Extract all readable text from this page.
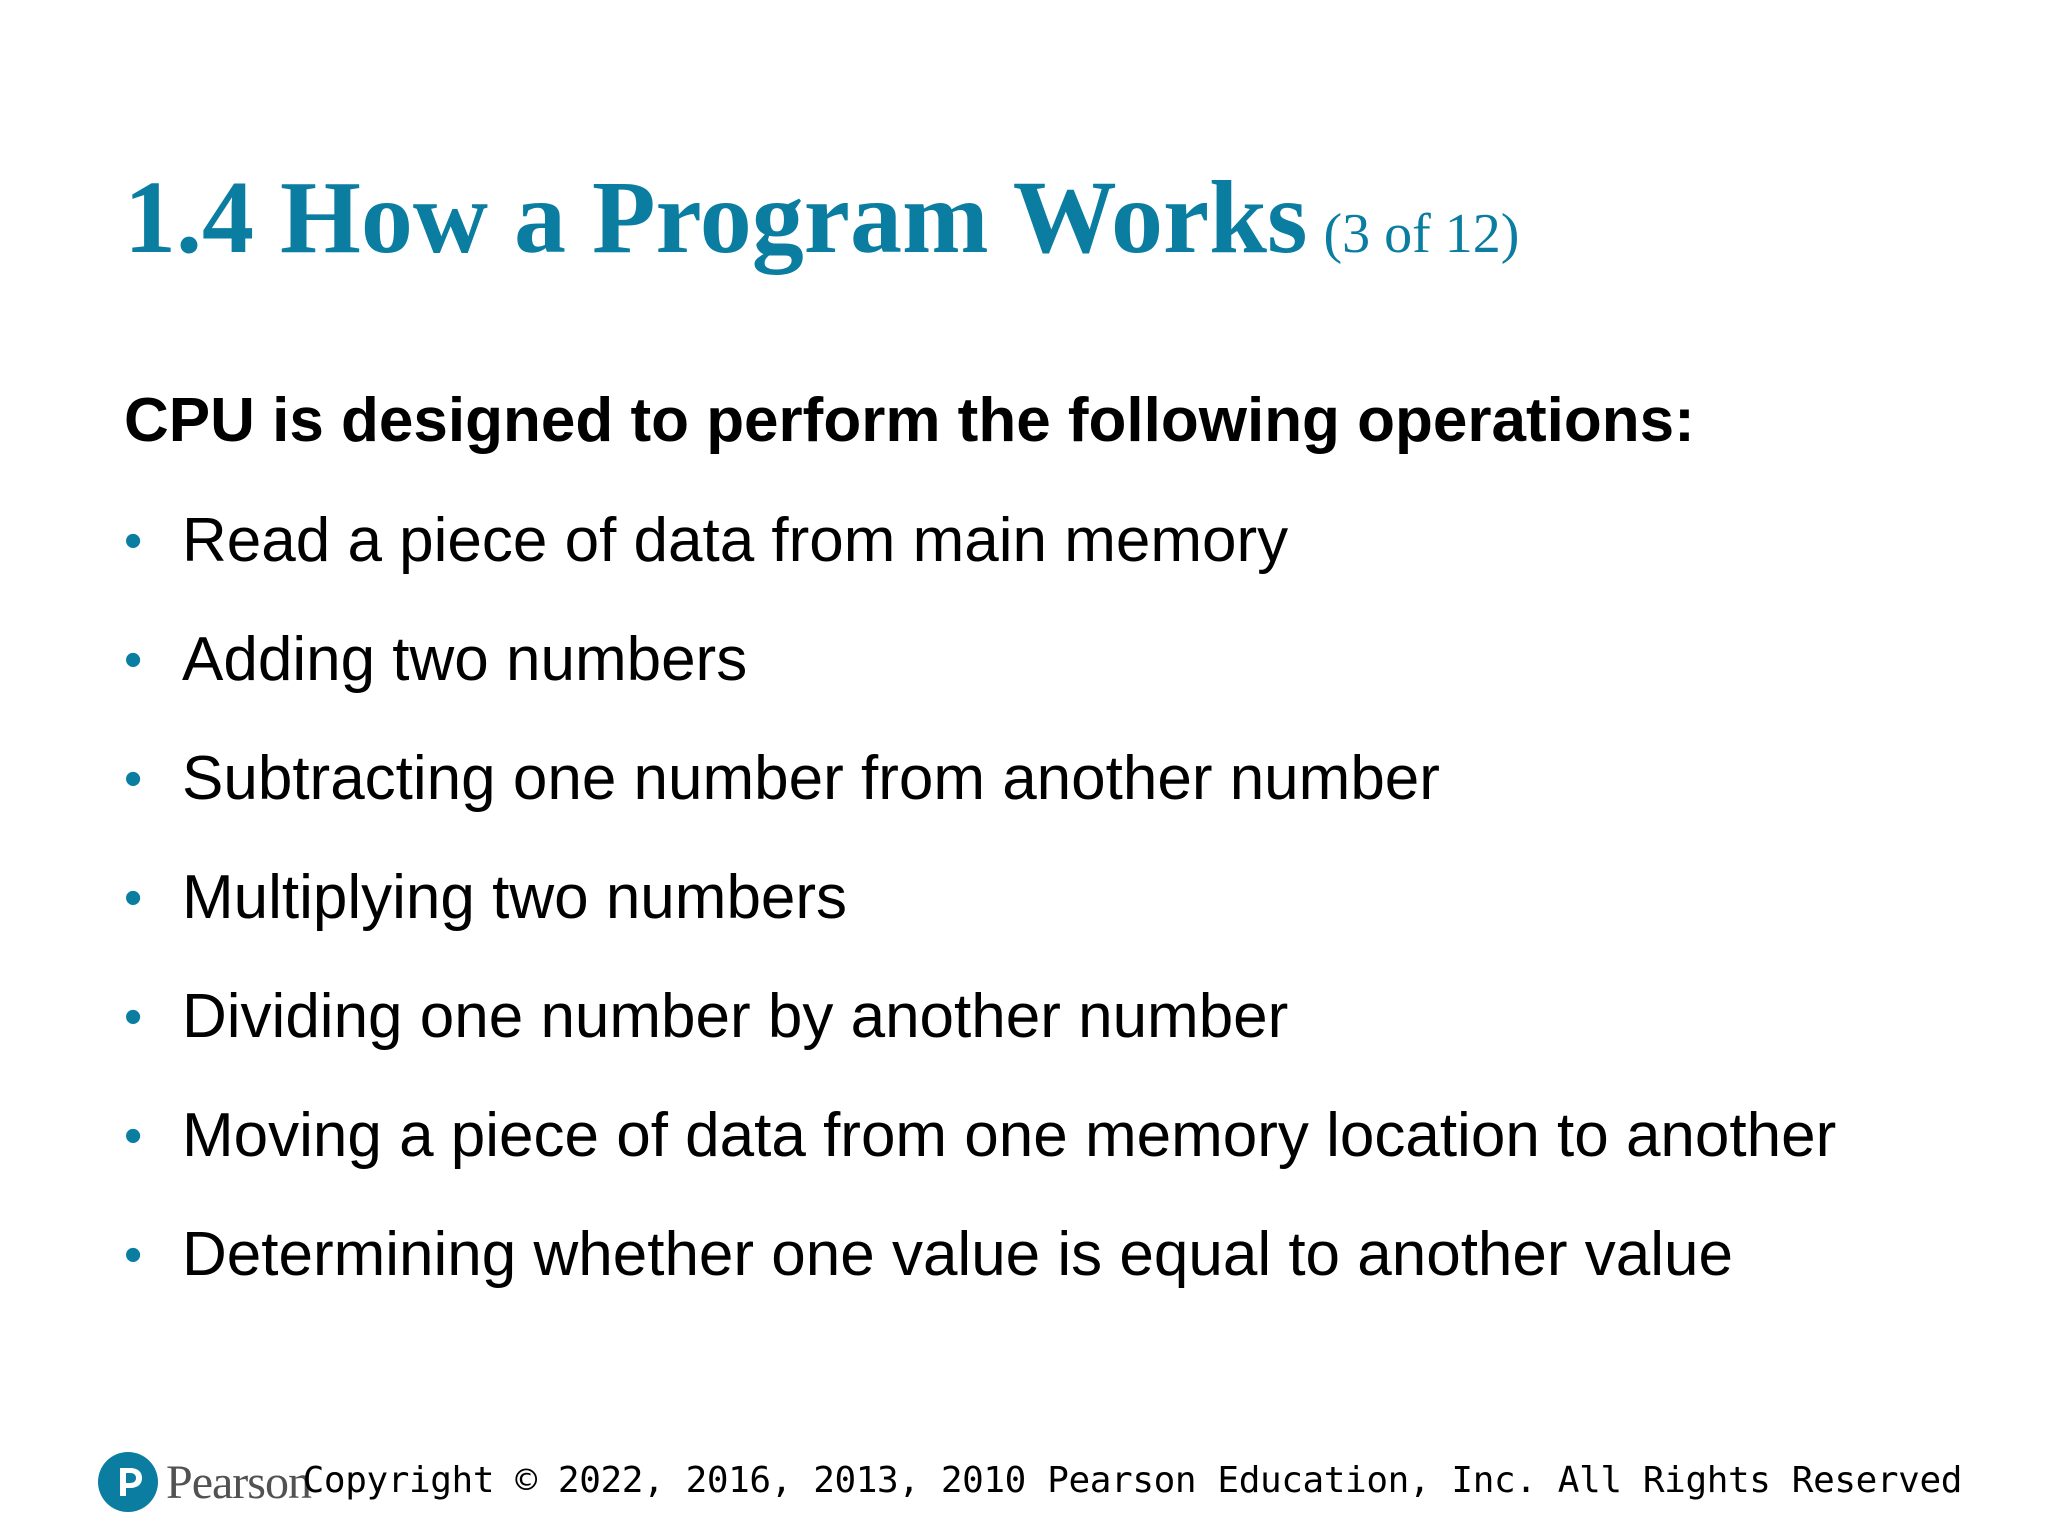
1.4 How a Program Works (3 of 12)

CPU is designed to perform the following operations:

• Read a piece of data from main memory
• Adding two numbers
• Subtracting one number from another number
• Multiplying two numbers
• Dividing one number by another number
• Moving a piece of data from one memory location to another
• Determining whether one value is equal to another value
Pearson

Copyright © 2022, 2016, 2013, 2010 Pearson Education, Inc. All Rights Reserved
